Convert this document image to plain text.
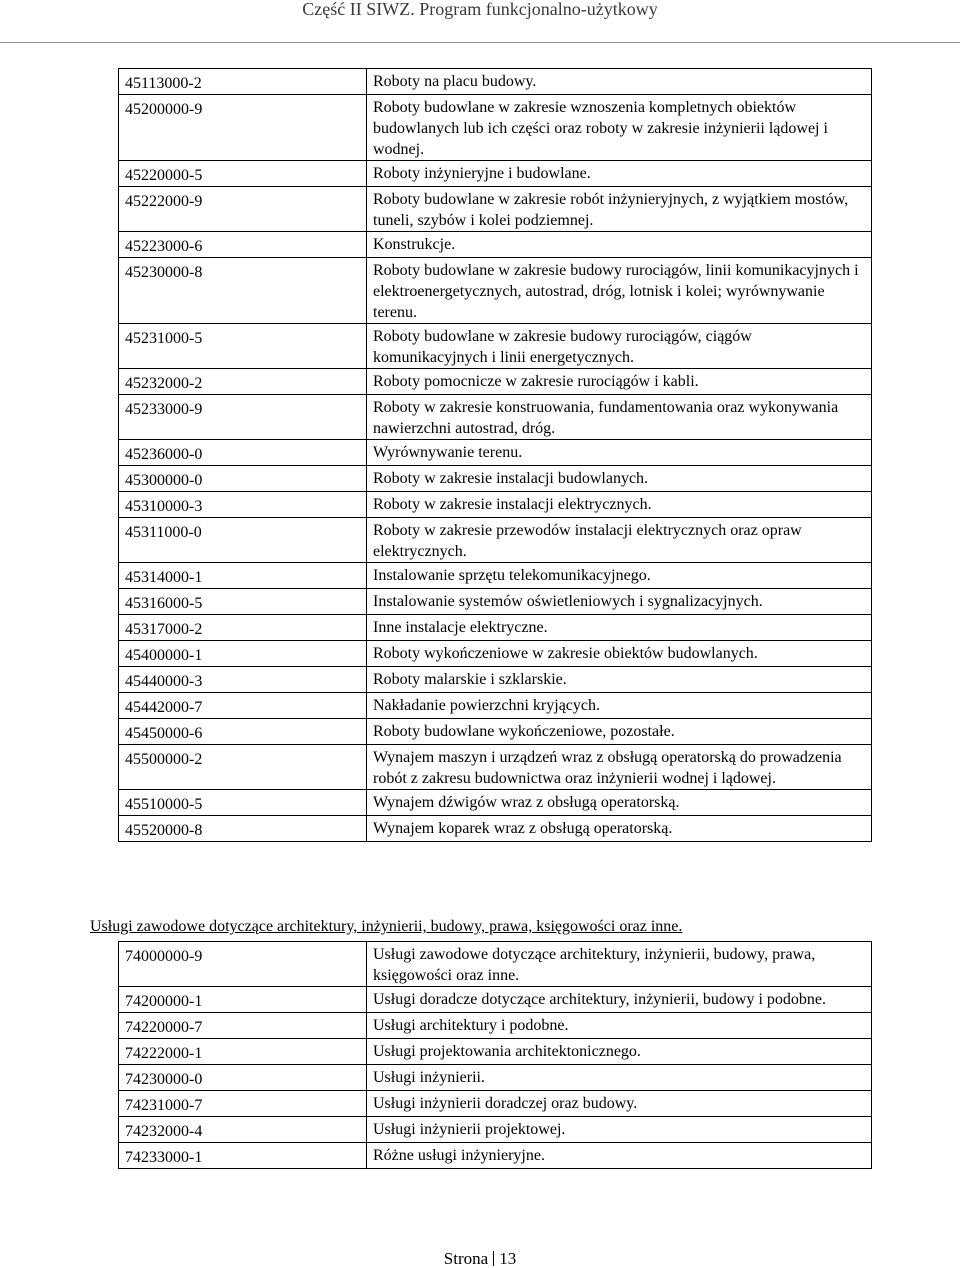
Część II SIWZ. Program funkcjonalno-użytkowy
45113000-2	Roboty na placu budowy.
45200000-9	Roboty budowlane w zakresie wznoszenia kompletnych obiektów budowlanych lub ich części oraz roboty w zakresie inżynierii lądowej i wodnej.
45220000-5	Roboty inżynieryjne i budowlane.
45222000-9	Roboty budowlane w zakresie robót inżynieryjnych, z wyjątkiem mostów, tuneli, szybów i kolei podziemnej.
45223000-6	Konstrukcje.
45230000-8	Roboty budowlane w zakresie budowy rurociągów, linii komunikacyjnych i elektroenergetycznych, autostrad, dróg, lotnisk i kolei; wyrównywanie terenu.
45231000-5	Roboty budowlane w zakresie budowy rurociągów, ciągów komunikacyjnych i linii energetycznych.
45232000-2	Roboty pomocnicze w zakresie rurociągów i kabli.
45233000-9	Roboty w zakresie konstruowania, fundamentowania oraz wykonywania nawierzchni autostrad, dróg.
45236000-0	Wyrównywanie terenu.
45300000-0	Roboty w zakresie instalacji budowlanych.
45310000-3	Roboty w zakresie instalacji elektrycznych.
45311000-0	Roboty w zakresie przewodów instalacji elektrycznych oraz opraw elektrycznych.
45314000-1	Instalowanie sprzętu telekomunikacyjnego.
45316000-5	Instalowanie systemów oświetleniowych i sygnalizacyjnych.
45317000-2	Inne instalacje elektryczne.
45400000-1	Roboty wykończeniowe w zakresie obiektów budowlanych.
45440000-3	Roboty malarskie i szklarskie.
45442000-7	Nakładanie powierzchni kryjących.
45450000-6	Roboty budowlane wykończeniowe, pozostałe.
45500000-2	Wynajem maszyn i urządzeń wraz z obsługą operatorską do prowadzenia robót z zakresu budownictwa oraz inżynierii wodnej i lądowej.
45510000-5	Wynajem dźwigów wraz z obsługą operatorską.
45520000-8	Wynajem koparek wraz z obsługą operatorską.
Usługi zawodowe dotyczące architektury, inżynierii, budowy, prawa, księgowości oraz inne.
74000000-9	Usługi zawodowe dotyczące architektury, inżynierii, budowy, prawa, księgowości oraz inne.
74200000-1	Usługi doradcze dotyczące architektury, inżynierii, budowy i podobne.
74220000-7	Usługi architektury i podobne.
74222000-1	Usługi projektowania architektonicznego.
74230000-0	Usługi inżynierii.
74231000-7	Usługi inżynierii doradczej oraz budowy.
74232000-4	Usługi inżynierii projektowej.
74233000-1	Różne usługi inżynieryjne.
Strona 13
